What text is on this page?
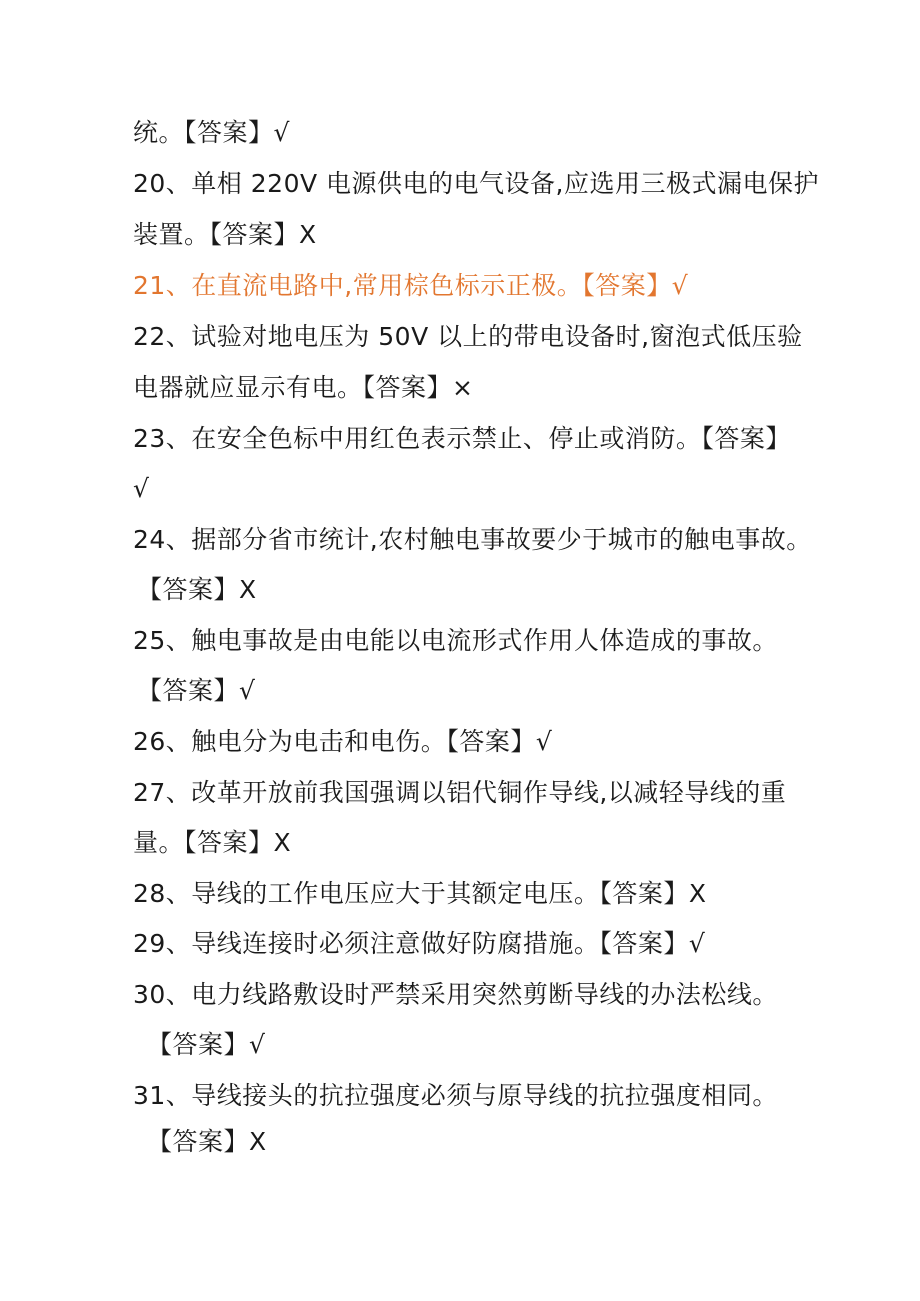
统。【答案】√
20、单相 220V 电源供电的电气设备,应选用三极式漏电保护
装置。【答案】X
21、在直流电路中,常用棕色标示正极。【答案】√
22、试验对地电压为 50V 以上的带电设备时,窗泡式低压验
电器就应显示有电。【答案】×
23、在安全色标中用红色表示禁止、停止或消防。【答案】
√
24、据部分省市统计,农村触电事故要少于城市的触电事故。
【答案】X
25、触电事故是由电能以电流形式作用人体造成的事故。
【答案】√
26、触电分为电击和电伤。【答案】√
27、改革开放前我国强调以铝代铜作导线,以减轻导线的重
量。【答案】X
28、导线的工作电压应大于其额定电压。【答案】X
29、导线连接时必须注意做好防腐措施。【答案】√
30、电力线路敷设时严禁采用突然剪断导线的办法松线。
【答案】√
31、导线接头的抗拉强度必须与原导线的抗拉强度相同。
【答案】X
